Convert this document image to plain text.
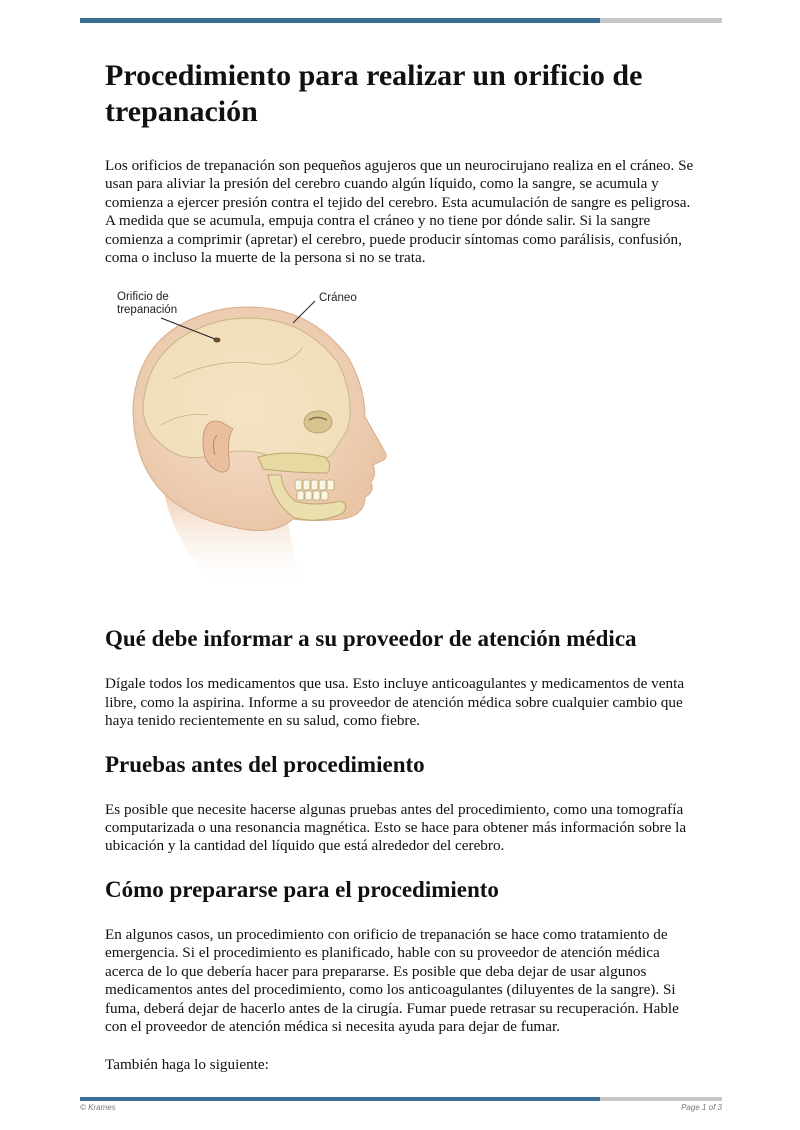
Procedimiento para realizar un orificio de trepanación

Los orificios de trepanación son pequeños agujeros que un neurocirujano realiza en el cráneo. Se usan para aliviar la presión del cerebro cuando algún líquido, como la sangre, se acumula y comienza a ejercer presión contra el tejido del cerebro. Esta acumulación de sangre es peligrosa. A medida que se acumula, empuja contra el cráneo y no tiene por dónde salir. Si la sangre comienza a comprimir (apretar) el cerebro, puede producir síntomas como parálisis, confusión, coma o incluso la muerte de la persona si no se trata.

Orificio de
trepanación
Cráneo
Qué debe informar a su proveedor de atención médica

Dígale todos los medicamentos que usa. Esto incluye anticoagulantes y medicamentos de venta libre, como la aspirina. Informe a su proveedor de atención médica sobre cualquier cambio que haya tenido recientemente en su salud, como fiebre.

Pruebas antes del procedimiento

Es posible que necesite hacerse algunas pruebas antes del procedimiento, como una tomografía computarizada o una resonancia magnética. Esto se hace para obtener más información sobre la ubicación y la cantidad del líquido que está alrededor del cerebro.

Cómo prepararse para el procedimiento

En algunos casos, un procedimiento con orificio de trepanación se hace como tratamiento de emergencia. Si el procedimiento es planificado, hable con su proveedor de atención médica acerca de lo que debería hacer para prepararse. Es posible que deba dejar de usar algunos medicamentos antes del procedimiento, como los anticoagulantes (diluyentes de la sangre). Si fuma, deberá dejar de hacerlo antes de la cirugía. Fumar puede retrasar su recuperación. Hable con el proveedor de atención médica si necesita ayuda para dejar de fumar.

También haga lo siguiente:

© Krames	Page 1 of 3
